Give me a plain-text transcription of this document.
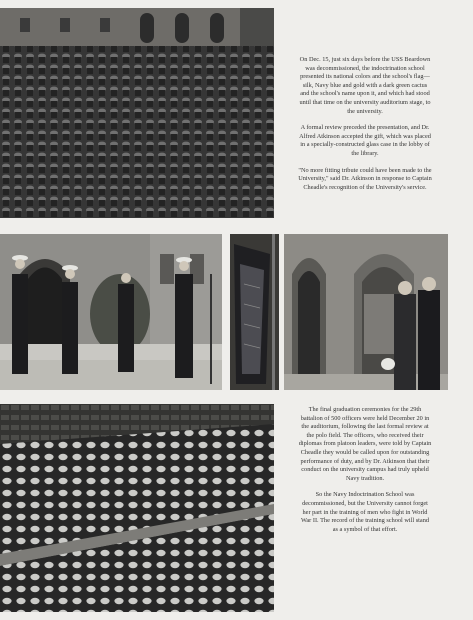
On Dec. 15, just six days before the USS Beardown was decommissioned, the indoctrination school presented its national colors and the school's flag—silk, Navy blue and gold with a dark green cactus and the school's name upon it, and which had stood until that time on the university auditorium stage, to the university.

A formal review preceded the presentation, and Dr. Alfred Atkinson accepted the gift, which was placed in a specially-constructed glass case in the lobby of the library.

"No more fitting tribute could have been made to the University," said Dr. Atkinson in response to Captain Cheadle's recognition of the University's service.

The final graduation ceremonies for the 29th battalion of 500 officers were held December 20 in the auditorium, following the last formal review at the polo field. The officers, who received their diplomas from platoon leaders, were told by Captain Cheadle they would be called upon for outstanding performance of duty, and by Dr. Atkinson that their conduct on the university campus had truly upheld Navy tradition.

So the Navy Indoctrination School was decommissioned, but the University cannot forget her part in the training of men who fight in World War II. The record of the training school will stand as a symbol of that effort.
